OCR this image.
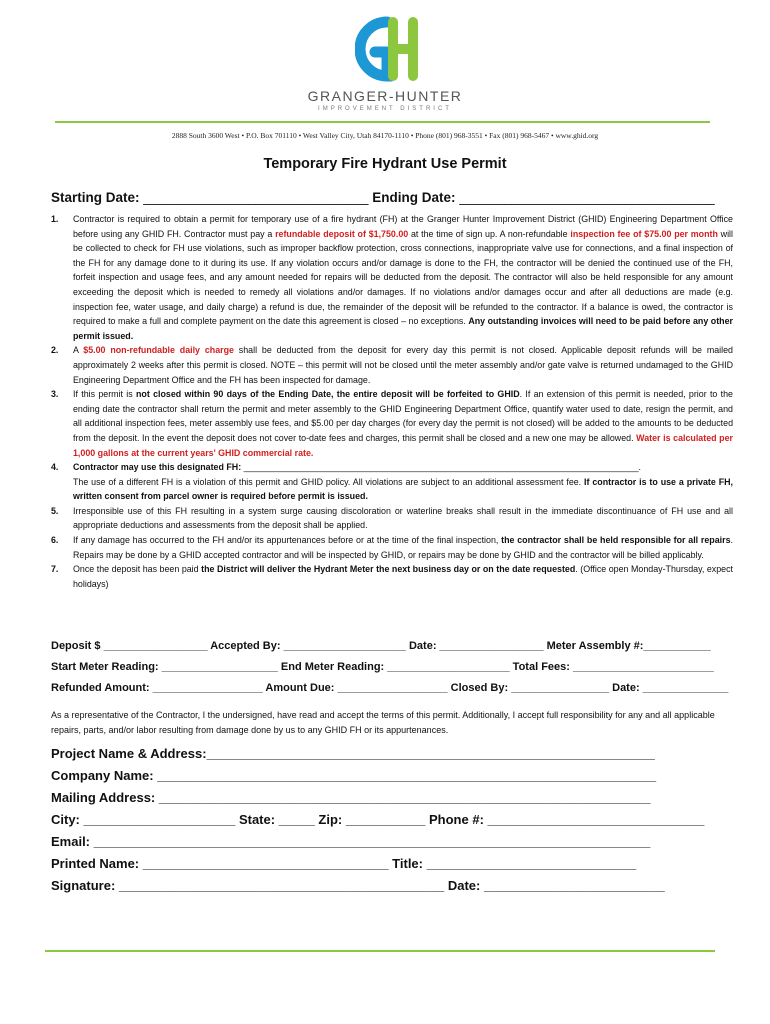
GRANGER-HUNTER
IMPROVEMENT DISTRICT
2888 South 3600 West • P.O. Box 701110 • West Valley City, Utah 84170-1110 • Phone (801) 968-3551 • Fax (801) 968-5467 • www.ghid.org
Temporary Fire Hydrant Use Permit
Starting Date: ______________________________ Ending Date: __________________________________
1.	Contractor is required to obtain a permit for temporary use of a fire hydrant (FH) at the Granger Hunter Improvement District (GHID) Engineering Department Office before using any GHID FH. Contractor must pay a refundable deposit of $1,750.00 at the time of sign up. A non-refundable inspection fee of $75.00 per month will be collected to check for FH use violations, such as improper backflow protection, cross connections, inappropriate valve use for connections, and a final inspection of the FH for any damage done to it during its use. If any violation occurs and/or damage is done to the FH, the contractor will be denied the continued use of the FH, forfeit inspection and usage fees, and any amount needed for repairs will be deducted from the deposit. The contractor will also be held responsible for any amount exceeding the deposit which is needed to remedy all violations and/or damages. If no violations and/or damages occur and after all deductions are made (e.g. inspection fee, water usage, and daily charge) a refund is due, the remainder of the deposit will be refunded to the contractor. If a balance is owed, the contractor is required to make a full and complete payment on the date this agreement is closed – no exceptions. Any outstanding invoices will need to be paid before any other permit issued.
2.	A $5.00 non-refundable daily charge shall be deducted from the deposit for every day this permit is not closed. Applicable deposit refunds will be mailed approximately 2 weeks after this permit is closed. NOTE – this permit will not be closed until the meter assembly and/or gate valve is returned undamaged to the GHID Engineering Department Office and the FH has been inspected for damage.
3.	If this permit is not closed within 90 days of the Ending Date, the entire deposit will be forfeited to GHID. If an extension of this permit is needed, prior to the ending date the contractor shall return the permit and meter assembly to the GHID Engineering Department Office, quantify water used to date, resign the permit, and all additional inspection fees, meter assembly use fees, and $5.00 per day charges (for every day the permit is not closed) will be added to the amounts to be deducted from the deposit. In the event the deposit does not cover to-date fees and charges, this permit shall be closed and a new one may be allowed. Water is calculated per 1,000 gallons at the current years' GHID commercial rate.
4.	Contractor may use this designated FH: ________________________________________________________________________________.
The use of a different FH is a violation of this permit and GHID policy. All violations are subject to an additional assessment fee. If contractor is to use a private FH, written consent from parcel owner is required before permit is issued.
5.	Irresponsible use of this FH resulting in a system surge causing discoloration or waterline breaks shall result in the immediate discontinuance of FH use and all appropriate deductions and assessments from the deposit shall be applied.
6.	If any damage has occurred to the FH and/or its appurtenances before or at the time of the final inspection, the contractor shall be held responsible for all repairs. Repairs may be done by a GHID accepted contractor and will be inspected by GHID, or repairs may be done by GHID and the contractor will be billed applicably.
7.	Once the deposit has been paid the District will deliver the Hydrant Meter the next business day or on the date requested. (Office open Monday-Thursday, expect holidays)
Deposit $ _________________ Accepted By: ____________________ Date: _________________ Meter Assembly #:___________
Start Meter Reading: ___________________ End Meter Reading: ____________________ Total Fees: _______________________
Refunded Amount: __________________ Amount Due: __________________ Closed By: ________________ Date: ______________
As a representative of the Contractor, I the undersigned, have read and accept the terms of this permit. Additionally, I accept full responsibility for any and all applicable repairs, parts, and/or labor resulting from damage done by us to any GHID FH or its appurtenances.
Project Name & Address:______________________________________________________________
Company Name: _____________________________________________________________________
Mailing Address: ____________________________________________________________________
City: _____________________ State: _____ Zip: ___________ Phone #: ______________________________
Email: _____________________________________________________________________________
Printed Name: __________________________________ Title: _____________________________
Signature: _____________________________________________ Date: _________________________
